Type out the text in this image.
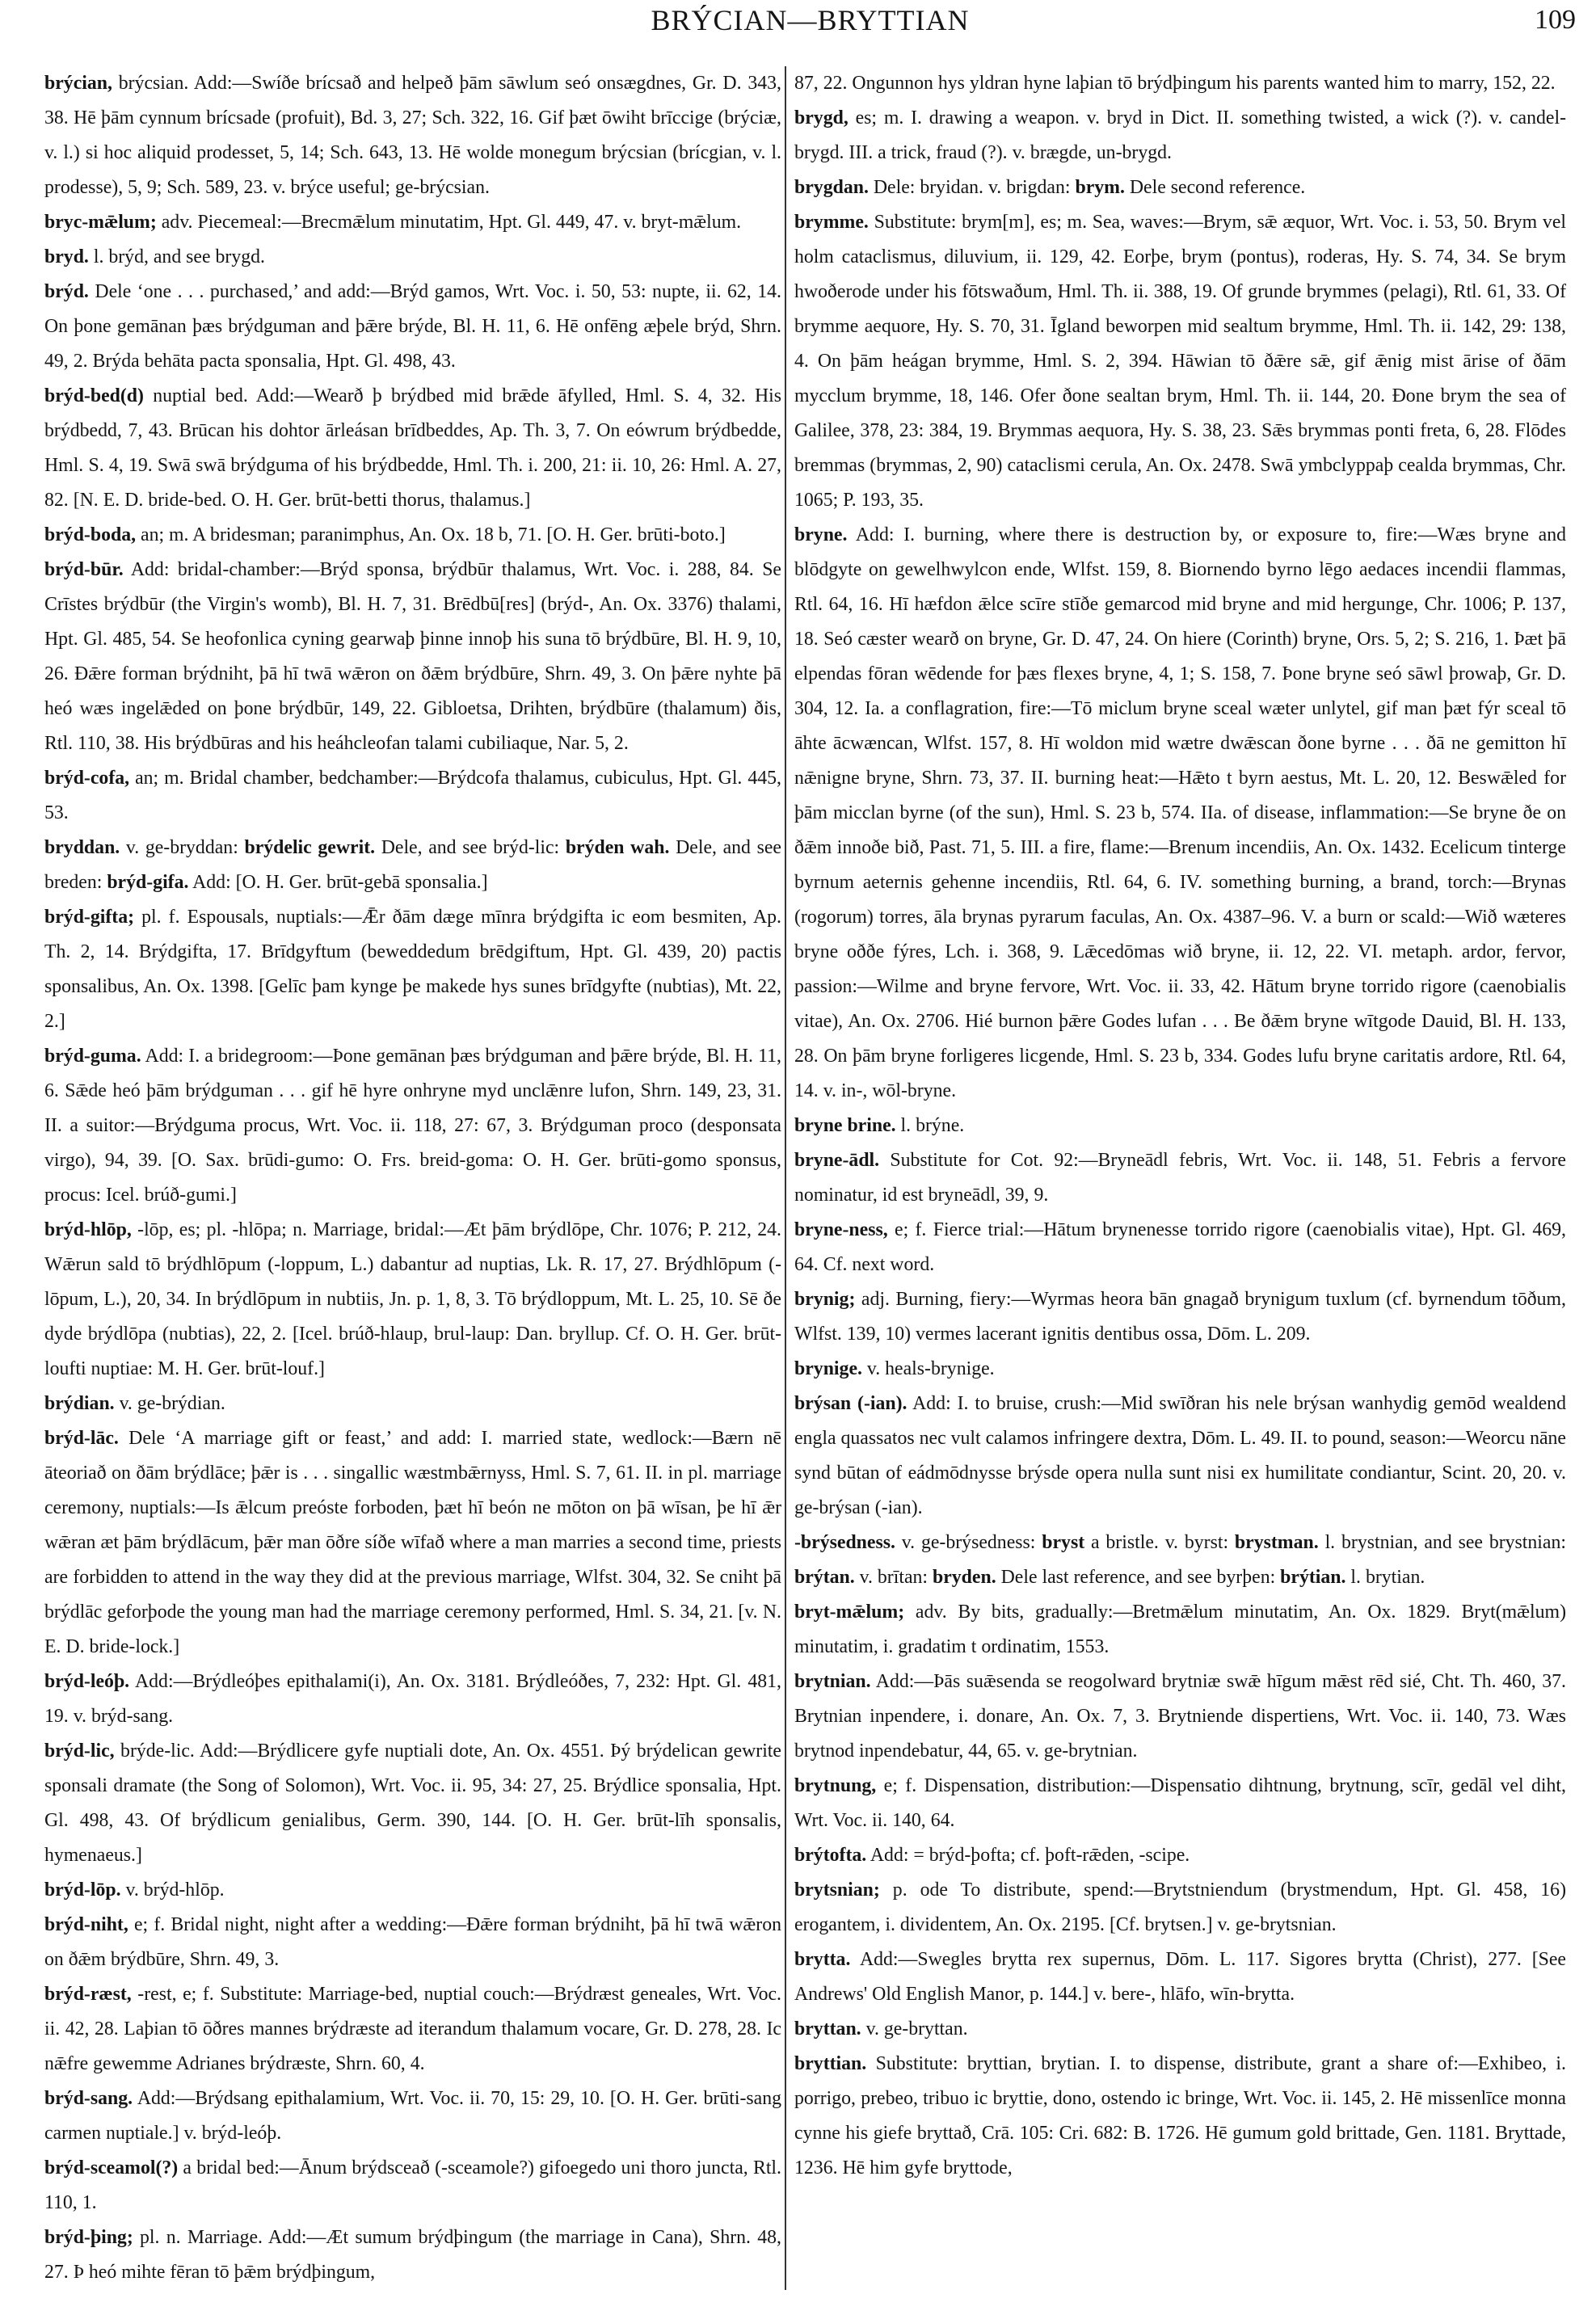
BRÝCIAN—BRYTTIAN	109

brýcian, brýcsian. Add:—Swíðe brícsað and helpeð þām sāwlum seó onsægdnes, Gr. D. 343, 38. Hē þām cynnum brícsade (profuit), Bd. 3, 27; Sch. 322, 16. Gif þæt ōwiht brīccige (brýciæ, v. l.) si hoc aliquid prodesset, 5, 14; Sch. 643, 13. Hē wolde monegum brýcsian (brícgian, v. l. prodesse), 5, 9; Sch. 589, 23. v. brýce useful; ge-brýcsian.

bryc-mǣlum; adv. Piecemeal:—Brecmǣlum minutatim, Hpt. Gl. 449, 47. v. bryt-mǣlum.

bryd. l. brýd, and see brygd.

brýd. Dele ‘one . . . purchased,’ and add:—Brýd gamos, Wrt. Voc. i. 50, 53: nupte, ii. 62, 14. On þone gemānan þæs brýdguman and þǣre brýde, Bl. H. 11, 6. Hē onfēng æþele brýd, Shrn. 49, 2. Brýda behāta pacta sponsalia, Hpt. Gl. 498, 43.

brýd-bed(d) nuptial bed. Add:—Wearð þ brýdbed mid brǣde āfylled, Hml. S. 4, 32. His brýdbedd, 7, 43. Brūcan his dohtor ārleásan brīdbeddes, Ap. Th. 3, 7. On eówrum brýdbedde, Hml. S. 4, 19. Swā swā brýdguma of his brýdbedde, Hml. Th. i. 200, 21: ii. 10, 26: Hml. A. 27, 82. [N. E. D. bride-bed. O. H. Ger. brūt-betti thorus, thalamus.]

brýd-boda, an; m. A bridesman; paranimphus, An. Ox. 18 b, 71. [O. H. Ger. brūti-boto.]

brýd-būr. Add: bridal-chamber:—Brýd sponsa, brýdbūr thalamus, Wrt. Voc. i. 288, 84. Se Crīstes brýdbūr (the Virgin's womb), Bl. H. 7, 31. Brēdbū[res] (brýd-, An. Ox. 3376) thalami, Hpt. Gl. 485, 54. Se heofonlica cyning gearwaþ þinne innoþ his suna tō brýdbūre, Bl. H. 9, 10, 26. Ðǣre forman brýdniht, þā hī twā wǣron on ðǣm brýdbūre, Shrn. 49, 3. On þǣre nyhte þā heó wæs ingelǣded on þone brýdbūr, 149, 22. Gibloetsa, Drihten, brýdbūre (thalamum) ðis, Rtl. 110, 38. His brýdbūras and his heáhcleofan talami cubiliaque, Nar. 5, 2.

brýd-cofa, an; m. Bridal chamber, bedchamber:—Brýdcofa thalamus, cubiculus, Hpt. Gl. 445, 53.

bryddan. v. ge-bryddan: brýdelic gewrit. Dele, and see brýd-lic: brýden wah. Dele, and see breden: brýd-gifa. Add: [O. H. Ger. brūt-gebā sponsalia.]

brýd-gifta; pl. f. Espousals, nuptials:—Ǣr ðām dæge mīnra brýdgifta ic eom besmiten, Ap. Th. 2, 14. Brýdgifta, 17. Brīdgyftum (beweddedum brēdgiftum, Hpt. Gl. 439, 20) pactis sponsalibus, An. Ox. 1398. [Gelīc þam kynge þe makede hys sunes brīdgyfte (nubtias), Mt. 22, 2.]

brýd-guma. Add: I. a bridegroom:—Þone gemānan þæs brýdguman and þǣre brýde, Bl. H. 11, 6. Sǣde heó þām brýdguman . . . gif hē hyre onhryne myd unclǣnre lufon, Shrn. 149, 23, 31. II. a suitor:—Brýdguma procus, Wrt. Voc. ii. 118, 27: 67, 3. Brýdguman proco (desponsata virgo), 94, 39. [O. Sax. brūdi-gumo: O. Frs. breid-goma: O. H. Ger. brūti-gomo sponsus, procus: Icel. brúð-gumi.]

brýd-hlōp, -lōp, es; pl. -hlōpa; n. Marriage, bridal:—Æt þām brýdlōpe, Chr. 1076; P. 212, 24. Wǣrun sald tō brýdhlōpum (-loppum, L.) dabantur ad nuptias, Lk. R. 17, 27. Brýdhlōpum (-lōpum, L.), 20, 34. In brýdlōpum in nubtiis, Jn. p. 1, 8, 3. Tō brýdloppum, Mt. L. 25, 10. Sē ðe dyde brýdlōpa (nubtias), 22, 2. [Icel. brúð-hlaup, brul-laup: Dan. bryllup. Cf. O. H. Ger. brūt-loufti nuptiae: M. H. Ger. brūt-louf.]

brýdian. v. ge-brýdian.

brýd-lāc. Dele ‘A marriage gift or feast,’ and add: I. married state, wedlock:—Bærn nē āteoriað on ðām brýdlāce; þǣr is . . . singallic wæstmbǣrnyss, Hml. S. 7, 61. II. in pl. marriage ceremony, nuptials:—Is ǣlcum preóste forboden, þæt hī beón ne mōton on þā wīsan, þe hī ǣr wǣran æt þām brýdlācum, þǣr man ōðre síðe wīfað where a man marries a second time, priests are forbidden to attend in the way they did at the previous marriage, Wlfst. 304, 32. Se cniht þā brýdlāc geforþode the young man had the marriage ceremony performed, Hml. S. 34, 21. [v. N. E. D. bride-lock.]

brýd-leóþ. Add:—Brýdleóþes epithalami(i), An. Ox. 3181. Brýdleóðes, 7, 232: Hpt. Gl. 481, 19. v. brýd-sang.

brýd-lic, brýde-lic. Add:—Brýdlicere gyfe nuptiali dote, An. Ox. 4551. Þý brýdelican gewrite sponsali dramate (the Song of Solomon), Wrt. Voc. ii. 95, 34: 27, 25. Brýdlice sponsalia, Hpt. Gl. 498, 43. Of brýdlicum genialibus, Germ. 390, 144. [O. H. Ger. brūt-līh sponsalis, hymenaeus.]

brýd-lōp. v. brýd-hlōp.

brýd-niht, e; f. Bridal night, night after a wedding:—Ðǣre forman brýdniht, þā hī twā wǣron on ðǣm brýdbūre, Shrn. 49, 3.

brýd-ræst, -rest, e; f. Substitute: Marriage-bed, nuptial couch:—Brýdræst geneales, Wrt. Voc. ii. 42, 28. Laþian tō ōðres mannes brýdræste ad iterandum thalamum vocare, Gr. D. 278, 28. Ic nǣfre gewemme Adrianes brýdræste, Shrn. 60, 4.

brýd-sang. Add:—Brýdsang epithalamium, Wrt. Voc. ii. 70, 15: 29, 10. [O. H. Ger. brūti-sang carmen nuptiale.] v. brýd-leóþ.

brýd-sceamol(?) a bridal bed:—Ānum brýdsceað (-sceamole?) gifoegedo uni thoro juncta, Rtl. 110, 1.

brýd-þing; pl. n. Marriage. Add:—Æt sumum brýdþingum (the marriage in Cana), Shrn. 48, 27. Þ heó mihte fēran tō þǣm brýdþingum,

87, 22. Ongunnon hys yldran hyne laþian tō brýdþingum his parents wanted him to marry, 152, 22.

brygd, es; m. I. drawing a weapon. v. bryd in Dict. II. something twisted, a wick (?). v. candel-brygd. III. a trick, fraud (?). v. brægde, un-brygd.

brygdan. Dele: bryidan. v. brigdan: brym. Dele second reference.

brymme. Substitute: brym[m], es; m. Sea, waves:—Brym, sǣ æquor, Wrt. Voc. i. 53, 50. Brym vel holm cataclismus, diluvium, ii. 129, 42. Eorþe, brym (pontus), roderas, Hy. S. 74, 34. Se brym hwoðerode under his fōtswaðum, Hml. Th. ii. 388, 19. Of grunde brymmes (pelagi), Rtl. 61, 33. Of brymme aequore, Hy. S. 70, 31. Īgland beworpen mid sealtum brymme, Hml. Th. ii. 142, 29: 138, 4. On þām heágan brymme, Hml. S. 2, 394. Hāwian tō ðǣre sǣ, gif ǣnig mist ārise of ðām mycclum brymme, 18, 146. Ofer ðone sealtan brym, Hml. Th. ii. 144, 20. Ðone brym the sea of Galilee, 378, 23: 384, 19. Brymmas aequora, Hy. S. 38, 23. Sǣs brymmas ponti freta, 6, 28. Flōdes bremmas (brymmas, 2, 90) cataclismi cerula, An. Ox. 2478. Swā ymbclyppaþ cealda brymmas, Chr. 1065; P. 193, 35.

bryne. Add: I. burning, where there is destruction by, or exposure to, fire:—Wæs bryne and blōdgyte on gewelhwylcon ende, Wlfst. 159, 8. Biornendo byrno lēgo aedaces incendii flammas, Rtl. 64, 16. Hī hæfdon ǣlce scīre stīðe gemarcod mid bryne and mid hergunge, Chr. 1006; P. 137, 18. Seó cæster wearð on bryne, Gr. D. 47, 24. On hiere (Corinth) bryne, Ors. 5, 2; S. 216, 1. Þæt þā elpendas fōran wēdende for þæs flexes bryne, 4, 1; S. 158, 7. Þone bryne seó sāwl þrowaþ, Gr. D. 304, 12. Ia. a conflagration, fire:—Tō miclum bryne sceal wæter unlytel, gif man þæt fýr sceal tō āhte ācwæncan, Wlfst. 157, 8. Hī woldon mid wætre dwǣscan ðone byrne . . . ðā ne gemitton hī nǣnigne bryne, Shrn. 73, 37. II. burning heat:—Hǣto t byrn aestus, Mt. L. 20, 12. Beswǣled for þām micclan byrne (of the sun), Hml. S. 23 b, 574. IIa. of disease, inflammation:—Se bryne ðe on ðǣm innoðe bið, Past. 71, 5. III. a fire, flame:—Brenum incendiis, An. Ox. 1432. Ecelicum tinterge byrnum aeternis gehenne incendiis, Rtl. 64, 6. IV. something burning, a brand, torch:—Brynas (rogorum) torres, āla brynas pyrarum faculas, An. Ox. 4387–96. V. a burn or scald:—Wið wæteres bryne oððe fýres, Lch. i. 368, 9. Lǣcedōmas wið bryne, ii. 12, 22. VI. metaph. ardor, fervor, passion:—Wilme and bryne fervore, Wrt. Voc. ii. 33, 42. Hātum bryne torrido rigore (caenobialis vitae), An. Ox. 2706. Hié burnon þǣre Godes lufan . . . Be ðǣm bryne wītgode Dauid, Bl. H. 133, 28. On þām bryne forligeres licgende, Hml. S. 23 b, 334. Godes lufu bryne caritatis ardore, Rtl. 64, 14. v. in-, wōl-bryne.

bryne brine. l. brýne.

bryne-ādl. Substitute for Cot. 92:—Bryneādl febris, Wrt. Voc. ii. 148, 51. Febris a fervore nominatur, id est bryneādl, 39, 9.

bryne-ness, e; f. Fierce trial:—Hātum brynenesse torrido rigore (caenobialis vitae), Hpt. Gl. 469, 64. Cf. next word.

brynig; adj. Burning, fiery:—Wyrmas heora bān gnagað brynigum tuxlum (cf. byrnendum tōðum, Wlfst. 139, 10) vermes lacerant ignitis dentibus ossa, Dōm. L. 209.

brynige. v. heals-brynige.

brýsan (-ian). Add: I. to bruise, crush:—Mid swīðran his nele brýsan wanhydig gemōd wealdend engla quassatos nec vult calamos infringere dextra, Dōm. L. 49. II. to pound, season:—Weorcu nāne synd būtan of eádmōdnysse brýsde opera nulla sunt nisi ex humilitate condiantur, Scint. 20, 20. v. ge-brýsan (-ian).

-brýsedness. v. ge-brýsedness: bryst a bristle. v. byrst: brystman. l. brystnian, and see brystnian: brýtan. v. brītan: bryden. Dele last reference, and see byrþen: brýtian. l. brytian.

bryt-mǣlum; adv. By bits, gradually:—Bretmǣlum minutatim, An. Ox. 1829. Bryt(mǣlum) minutatim, i. gradatim t ordinatim, 1553.

brytnian. Add:—Þās suǣsenda se reogolward brytniæ swǣ hīgum mǣst rēd sié, Cht. Th. 460, 37. Brytnian inpendere, i. donare, An. Ox. 7, 3. Brytniende dispertiens, Wrt. Voc. ii. 140, 73. Wæs brytnod inpendebatur, 44, 65. v. ge-brytnian.

brytnung, e; f. Dispensation, distribution:—Dispensatio dihtnung, brytnung, scīr, gedāl vel diht, Wrt. Voc. ii. 140, 64.

brýtofta. Add: = brýd-þofta; cf. þoft-rǣden, -scipe.

brytsnian; p. ode To distribute, spend:—Brytstniendum (brystmendum, Hpt. Gl. 458, 16) erogantem, i. dividentem, An. Ox. 2195. [Cf. brytsen.] v. ge-brytsnian.

brytta. Add:—Swegles brytta rex supernus, Dōm. L. 117. Sigores brytta (Christ), 277. [See Andrews' Old English Manor, p. 144.] v. bere-, hlāfo, wīn-brytta.

bryttan. v. ge-bryttan.

bryttian. Substitute: bryttian, brytian. I. to dispense, distribute, grant a share of:—Exhibeo, i. porrigo, prebeo, tribuo ic bryttie, dono, ostendo ic bringe, Wrt. Voc. ii. 145, 2. Hē missenlīce monna cynne his giefe bryttað, Crā. 105: Cri. 682: B. 1726. Hē gumum gold brittade, Gen. 1181. Bryttade, 1236. Hē him gyfe bryttode,
